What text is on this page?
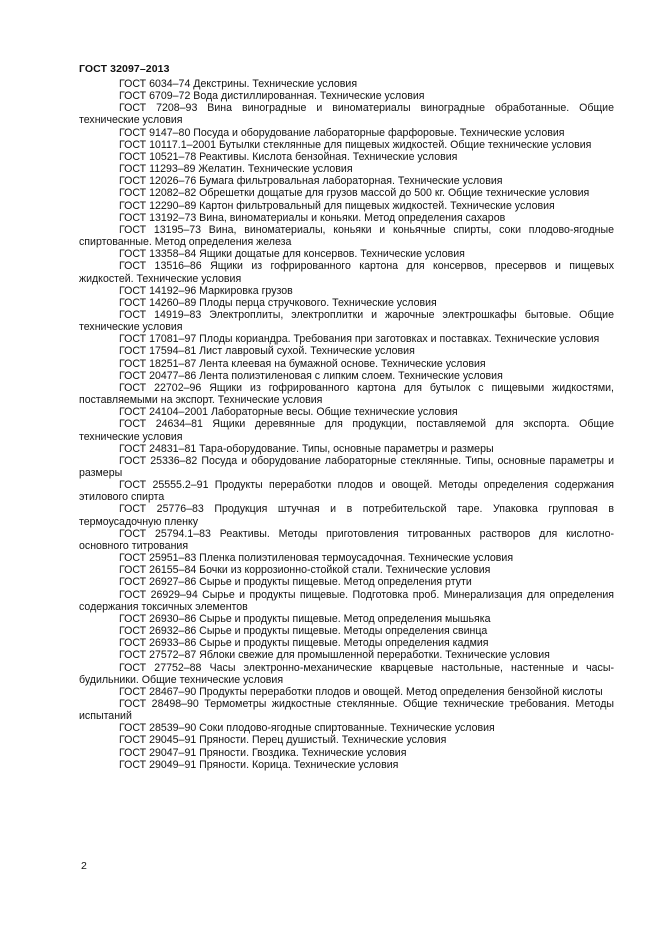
ГОСТ 32097–2013
ГОСТ 6034–74 Декстрины. Технические условия
ГОСТ 6709–72 Вода дистиллированная. Технические условия
ГОСТ 7208–93 Вина виноградные и виноматериалы виноградные обработанные. Общие технические условия
ГОСТ 9147–80 Посуда и оборудование лабораторные фарфоровые. Технические условия
ГОСТ 10117.1–2001 Бутылки стеклянные для пищевых жидкостей. Общие технические условия
ГОСТ 10521–78 Реактивы. Кислота бензойная. Технические условия
ГОСТ 11293–89 Желатин. Технические условия
ГОСТ 12026–76 Бумага фильтровальная лабораторная. Технические условия
ГОСТ 12082–82 Обрешетки дощатые для грузов массой до 500 кг. Общие технические условия
ГОСТ 12290–89 Картон фильтровальный для пищевых жидкостей. Технические условия
ГОСТ 13192–73 Вина, виноматериалы и коньяки. Метод определения сахаров
ГОСТ 13195–73 Вина, виноматериалы, коньяки и коньячные спирты, соки плодово-ягодные спиртованные. Метод определения железа
ГОСТ 13358–84 Ящики дощатые для консервов. Технические условия
ГОСТ 13516–86 Ящики из гофрированного картона для консервов, пресервов и пищевых жидкостей. Технические условия
ГОСТ 14192–96 Маркировка грузов
ГОСТ 14260–89 Плоды перца стручкового. Технические условия
ГОСТ 14919–83 Электроплиты, электроплитки и жарочные электрошкафы бытовые. Общие технические условия
ГОСТ 17081–97 Плоды кориандра. Требования при заготовках и поставках. Технические условия
ГОСТ 17594–81 Лист лавровый сухой. Технические условия
ГОСТ 18251–87 Лента клеевая на бумажной основе. Технические условия
ГОСТ 20477–86 Лента полиэтиленовая с липким слоем. Технические условия
ГОСТ 22702–96 Ящики из гофрированного картона для бутылок с пищевыми жидкостями, поставляемыми на экспорт. Технические условия
ГОСТ 24104–2001 Лабораторные весы. Общие технические условия
ГОСТ 24634–81 Ящики деревянные для продукции, поставляемой для экспорта. Общие технические условия
ГОСТ 24831–81 Тара-оборудование. Типы, основные параметры и размеры
ГОСТ 25336–82 Посуда и оборудование лабораторные стеклянные. Типы, основные параметры и размеры
ГОСТ 25555.2–91 Продукты переработки плодов и овощей. Методы определения содержания этилового спирта
ГОСТ 25776–83 Продукция штучная и в потребительской таре. Упаковка групповая в термоусадочную пленку
ГОСТ 25794.1–83 Реактивы. Методы приготовления титрованных растворов для кислотно-основного титрования
ГОСТ 25951–83 Пленка полиэтиленовая термоусадочная. Технические условия
ГОСТ 26155–84 Бочки из коррозионно-стойкой стали. Технические условия
ГОСТ 26927–86 Сырье и продукты пищевые. Метод определения ртути
ГОСТ 26929–94 Сырье и продукты пищевые. Подготовка проб. Минерализация для определения содержания токсичных элементов
ГОСТ 26930–86 Сырье и продукты пищевые. Метод определения мышьяка
ГОСТ 26932–86 Сырье и продукты пищевые. Методы определения свинца
ГОСТ 26933–86 Сырье и продукты пищевые. Методы определения кадмия
ГОСТ 27572–87 Яблоки свежие для промышленной переработки. Технические условия
ГОСТ 27752–88 Часы электронно-механические кварцевые настольные, настенные и часы-будильники. Общие технические условия
ГОСТ 28467–90 Продукты переработки плодов и овощей. Метод определения бензойной кислоты
ГОСТ 28498–90 Термометры жидкостные стеклянные. Общие технические требования. Методы испытаний
ГОСТ 28539–90 Соки плодово-ягодные спиртованные. Технические условия
ГОСТ 29045–91 Пряности. Перец душистый. Технические условия
ГОСТ 29047–91 Пряности. Гвоздика. Технические условия
ГОСТ 29049–91 Пряности. Корица. Технические условия
2
